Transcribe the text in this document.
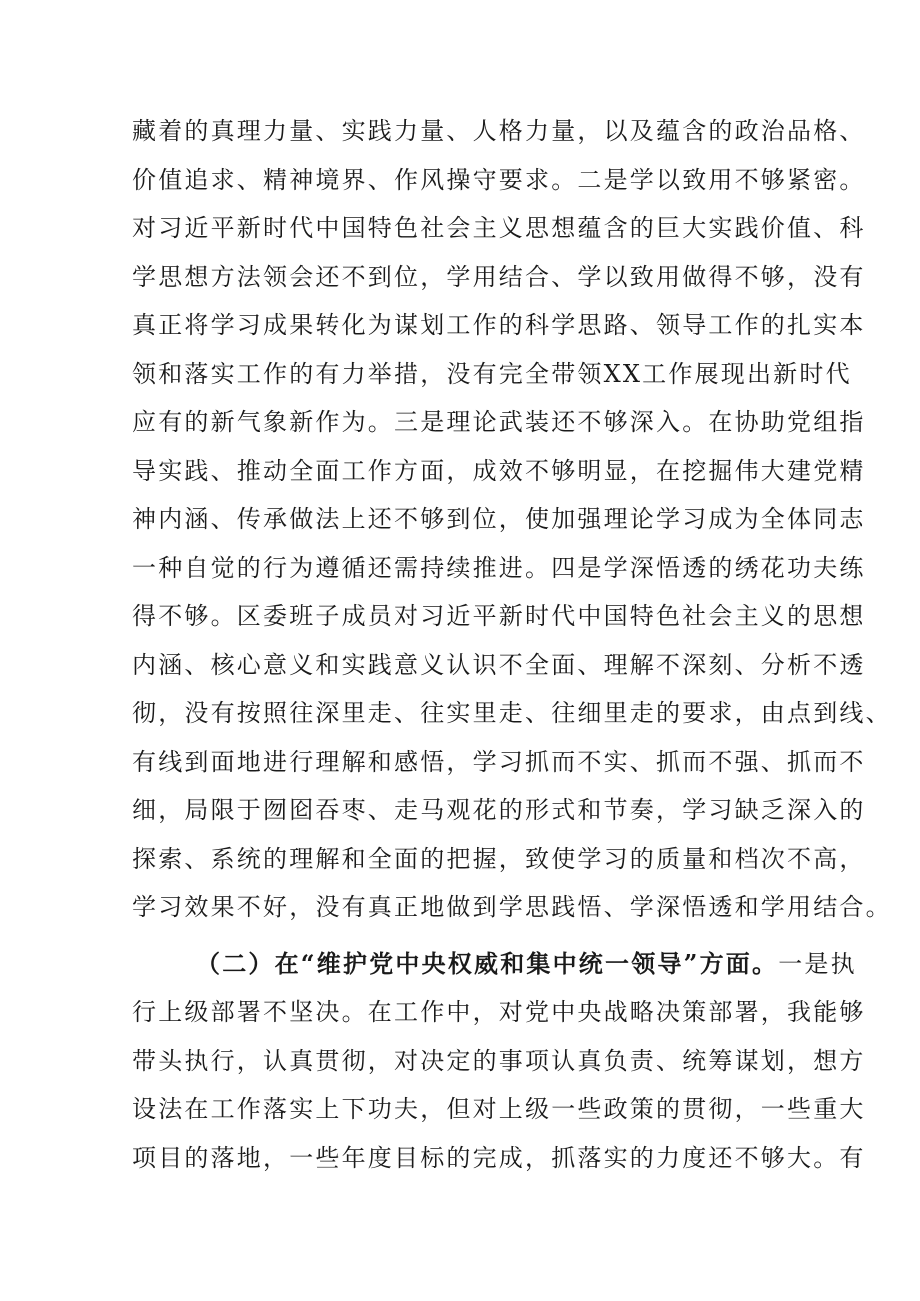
藏着的真理力量、实践力量、人格力量，以及蕴含的政治品格、
价值追求、精神境界、作风操守要求。二是学以致用不够紧密。
对习近平新时代中国特色社会主义思想蕴含的巨大实践价值、科
学思想方法领会还不到位，学用结合、学以致用做得不够，没有
真正将学习成果转化为谋划工作的科学思路、领导工作的扎实本
领和落实工作的有力举措，没有完全带领XX工作展现出新时代
应有的新气象新作为。三是理论武装还不够深入。在协助党组指
导实践、推动全面工作方面，成效不够明显，在挖掘伟大建党精
神内涵、传承做法上还不够到位，使加强理论学习成为全体同志
一种自觉的行为遵循还需持续推进。四是学深悟透的绣花功夫练
得不够。区委班子成员对习近平新时代中国特色社会主义的思想
内涵、核心意义和实践意义认识不全面、理解不深刻、分析不透
彻，没有按照往深里走、往实里走、往细里走的要求，由点到线、
有线到面地进行理解和感悟，学习抓而不实、抓而不强、抓而不
细，局限于囫囵吞枣、走马观花的形式和节奏，学习缺乏深入的
探索、系统的理解和全面的把握，致使学习的质量和档次不高，
学习效果不好，没有真正地做到学思践悟、学深悟透和学用结合。
（二）在“维护党中央权威和集中统一领导”方面。一是执
行上级部署不坚决。在工作中，对党中央战略决策部署，我能够
带头执行，认真贯彻，对决定的事项认真负责、统筹谋划，想方
设法在工作落实上下功夫，但对上级一些政策的贯彻，一些重大
项目的落地，一些年度目标的完成，抓落实的力度还不够大。有
